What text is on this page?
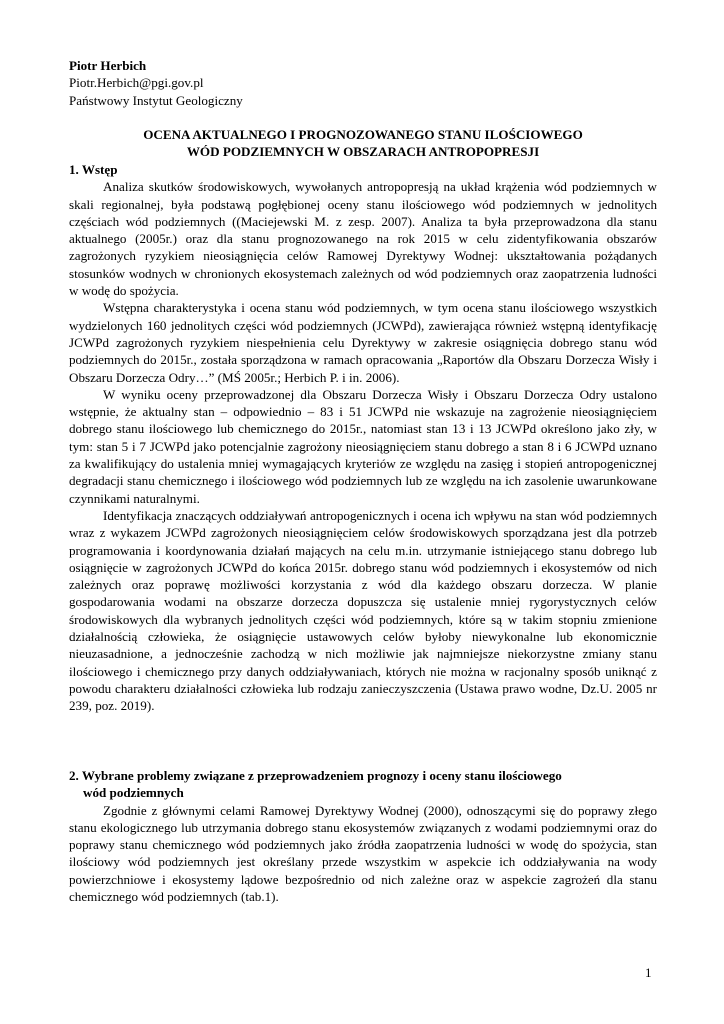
Piotr Herbich
Piotr.Herbich@pgi.gov.pl
Państwowy Instytut Geologiczny
OCENA AKTUALNEGO I PROGNOZOWANEGO STANU ILOŚCIOWEGO
WÓD PODZIEMNYCH W OBSZARACH ANTROPOPRESJI
1. Wstęp

Analiza skutków środowiskowych, wywołanych antropopresją na układ krążenia wód podziemnych w skali regionalnej, była podstawą pogłębionej oceny stanu ilościowego wód podziemnych w jednolitych częściach wód podziemnych ((Maciejewski M. z zesp. 2007). Analiza ta była przeprowadzona dla stanu aktualnego (2005r.) oraz dla stanu prognozowanego na rok 2015 w celu zidentyfikowania obszarów zagrożonych ryzykiem nieosiągnięcia celów Ramowej Dyrektywy Wodnej: ukształtowania pożądanych stosunków wodnych w chronionych ekosystemach zależnych od wód podziemnych oraz zaopatrzenia ludności w wodę do spożycia.

Wstępna charakterystyka i ocena stanu wód podziemnych, w tym ocena stanu ilościowego wszystkich wydzielonych 160 jednolitych części wód podziemnych (JCWPd), zawierająca również wstępną identyfikację JCWPd zagrożonych ryzykiem niespełnienia celu Dyrektywy w zakresie osiągnięcia dobrego stanu wód podziemnych do 2015r., została sporządzona w ramach opracowania „Raportów dla Obszaru Dorzecza Wisły i Obszaru Dorzecza Odry…” (MŚ 2005r.; Herbich P. i in. 2006).

W wyniku oceny przeprowadzonej dla Obszaru Dorzecza Wisły i Obszaru Dorzecza Odry ustalono wstępnie, że aktualny stan – odpowiednio – 83 i 51 JCWPd nie wskazuje na zagrożenie nieosiągnięciem dobrego stanu ilościowego lub chemicznego do 2015r., natomiast stan 13 i 13 JCWPd określono jako zły, w tym: stan 5 i 7 JCWPd jako potencjalnie zagrożony nieosiągnięciem stanu dobrego a stan 8 i 6 JCWPd uznano za kwalifikujący do ustalenia mniej wymagających kryteriów ze względu na zasięg i stopień antropogenicznej degradacji stanu chemicznego i ilościowego wód podziemnych lub ze względu na ich zasolenie uwarunkowane czynnikami naturalnymi.

Identyfikacja znaczących oddziaływań antropogenicznych i ocena ich wpływu na stan wód podziemnych wraz z wykazem JCWPd zagrożonych nieosiągnięciem celów środowiskowych sporządzana jest dla potrzeb programowania i koordynowania działań mających na celu m.in. utrzymanie istniejącego stanu dobrego lub osiągnięcie w zagrożonych JCWPd do końca 2015r. dobrego stanu wód podziemnych i ekosystemów od nich zależnych oraz poprawę możliwości korzystania z wód dla każdego obszaru dorzecza. W planie gospodarowania wodami na obszarze dorzecza dopuszcza się ustalenie mniej rygorystycznych celów środowiskowych dla wybranych jednolitych części wód podziemnych, które są w takim stopniu zmienione działalnością człowieka, że osiągnięcie ustawowych celów byłoby niewykonalne lub ekonomicznie nieuzasadnione, a jednocześnie zachodzą w nich możliwie jak najmniejsze niekorzystne zmiany stanu ilościowego i chemicznego przy danych oddziaływaniach, których nie można w racjonalny sposób uniknąć z powodu charakteru działalności człowieka lub rodzaju zanieczyszczenia (Ustawa prawo wodne, Dz.U. 2005 nr 239, poz. 2019).

2. Wybrane problemy związane z przeprowadzeniem prognozy i oceny stanu ilościowego
wód podziemnych

Zgodnie z głównymi celami Ramowej Dyrektywy Wodnej (2000), odnoszącymi się do poprawy złego stanu ekologicznego lub utrzymania dobrego stanu ekosystemów związanych z wodami podziemnymi oraz do poprawy stanu chemicznego wód podziemnych jako źródła zaopatrzenia ludności w wodę do spożycia, stan ilościowy wód podziemnych jest określany przede wszystkim w aspekcie ich oddziaływania na wody powierzchniowe i ekosystemy lądowe bezpośrednio od nich zależne oraz w aspekcie zagrożeń dla stanu chemicznego wód podziemnych (tab.1).

1
